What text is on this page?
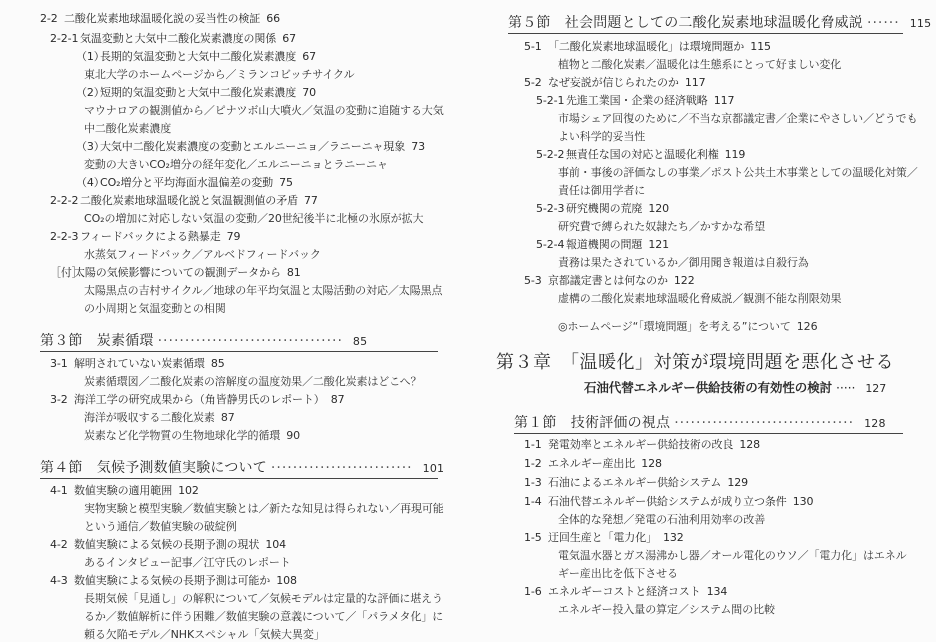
2-2 二酸化炭素地球温暖化説の妥当性の検証 66
2-2-1 気温変動と大気中二酸化炭素濃度の関係 67
（1）長期的気温変動と大気中二酸化炭素濃度 67
東北大学のホームページから／ミランコビッチサイクル
（2）短期的気温変動と大気中二酸化炭素濃度 70
マウナロアの観測値から／ピナツボ山大噴火／気温の変動に追随する大気
中二酸化炭素濃度
（3）大気中二酸化炭素濃度の変動とエルニーニョ／ラニーニャ現象 73
変動の大きいCO₂増分の経年変化／エルニーニョとラニーニャ
（4）CO₂増分と平均海面水温偏差の変動 75
2-2-2 二酸化炭素地球温暖化説と気温観測値の矛盾 77
CO₂の増加に対応しない気温の変動／20世紀後半に北極の氷原が拡大
2-2-3 フィードバックによる熱暴走 79
水蒸気フィードバック／アルベドフィードバック
［付］太陽の気候影響についての観測データから 81
太陽黒点の吉村サイクル／地球の年平均気温と太陽活動の対応／太陽黒点
の小周期と気温変動との相関
第３節　炭素循環 ·································· 85
3-1 解明されていない炭素循環 85
炭素循環図／二酸化炭素の溶解度の温度効果／二酸化炭素はどこへ？
3-2 海洋工学の研究成果から（角皆静男氏のレポート） 87
海洋が吸収する二酸化炭素 87
炭素など化学物質の生物地球化学的循環 90
第４節　気候予測数値実験について ·························· 101
4-1 数値実験の適用範囲 102
実物実験と模型実験／数値実験とは／新たな知見は得られない／再現可能
という通信／数値実験の破綻例
4-2 数値実験による気候の長期予測の現状 104
あるインタビュー記事／江守氏のレポート
4-3 数値実験による気候の長期予測は可能か 108
長期気候「見通し」の解釈について／気候モデルは定量的な評価に堪えう
るか／数値解析に伴う困難／数値実験の意義について／「パラメタ化」に
頼る欠陥モデル／NHKスペシャル「気候大異変」
第５節　社会問題としての二酸化炭素地球温暖化脅威説 ······ 115
5-1 「二酸化炭素地球温暖化」は環境問題か 115
植物と二酸化炭素／温暖化は生態系にとって好ましい変化
5-2 なぜ妄説が信じられたのか 117
5-2-1 先進工業国・企業の経済戦略 117
市場シェア回復のために／不当な京都議定書／企業にやさしい／どうでも
よい科学的妥当性
5-2-2 無責任な国の対応と温暖化利権 119
事前・事後の評価なしの事業／ポスト公共土木事業としての温暖化対策／
責任は御用学者に
5-2-3 研究機関の荒廃 120
研究費で縛られた奴隷たち／かすかな希望
5-2-4 報道機関の問題 121
責務は果たされているか／御用聞き報道は自殺行為
5-3 京都議定書とは何なのか 122
虚構の二酸化炭素地球温暖化脅威説／観測不能な削限効果
◎ホームページ“「環境問題」を考える”について 126
第３章　「温暖化」対策が環境問題を悪化させる
石油代替エネルギー供給技術の有効性の検討 ····· 127
第１節　技術評価の視点 ································· 128
1-1 発電効率とエネルギー供給技術の改良 128
1-2 エネルギー産出比 128
1-3 石油によるエネルギー供給システム 129
1-4 石油代替エネルギー供給システムが成り立つ条件 130
全体的な発想／発電の石油利用効率の改善
1-5 迂回生産と「電力化」 132
電気温水器とガス湯沸かし器／オール電化のウソ／「電力化」はエネル
ギー産出比を低下させる
1-6 エネルギーコストと経済コスト 134
エネルギー投入量の算定／システム間の比較
